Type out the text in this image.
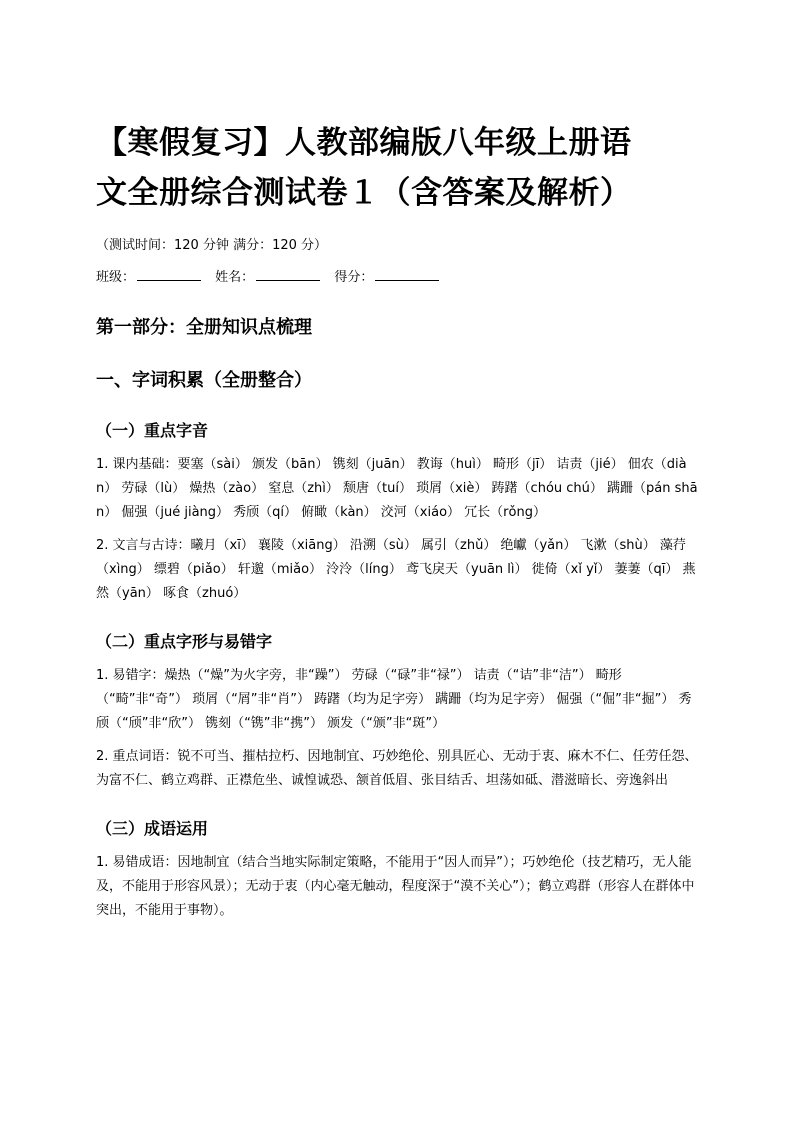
【寒假复习】人教部编版八年级上册语
文全册综合测试卷１（含答案及解析）
（测试时间：120 分钟 满分：120 分）
班级：	姓名：	得分：
第一部分：全册知识点梳理
一、字词积累（全册整合）
（一）重点字音
1. 课内基础：要塞（sài） 颁发（bān） 镌刻（juān） 教诲（huì） 畸形（jī） 诘责（jié） 佃农（diàn） 劳碌（lù） 燥热（zào） 窒息（zhì） 颓唐（tuí） 琐屑（xiè） 踌躇（chóu chú） 蹒跚（pán shān） 倔强（jué jiàng） 秀颀（qí） 俯瞰（kàn） 洨河（xiáo） 冗长（rǒng）
2. 文言与古诗：曦月（xī） 襄陵（xiāng） 沿溯（sù） 属引（zhǔ） 绝巘（yǎn） 飞漱（shù） 藻荇（xìng） 缥碧（piǎo） 轩邈（miǎo） 泠泠（líng） 鸢飞戾天（yuān lì） 徙倚（xǐ yǐ） 萋萋（qī） 燕然（yān） 啄食（zhuó）
（二）重点字形与易错字
1. 易错字：燥热（“燥”为火字旁，非“躁”） 劳碌（“碌”非“禄”） 诘责（“诘”非“洁”） 畸形（“畸”非“奇”） 琐屑（“屑”非“肖”） 踌躇（均为足字旁） 蹒跚（均为足字旁） 倔强（“倔”非“掘”） 秀颀（“颀”非“欣”） 镌刻（“镌”非“携”） 颁发（“颁”非“斑”）
2. 重点词语：锐不可当、摧枯拉朽、因地制宜、巧妙绝伦、别具匠心、无动于衷、麻木不仁、任劳任怨、为富不仁、鹤立鸡群、正襟危坐、诚惶诚恐、颔首低眉、张目结舌、坦荡如砥、潜滋暗长、旁逸斜出
（三）成语运用
1. 易错成语：因地制宜（结合当地实际制定策略，不能用于“因人而异”）；巧妙绝伦（技艺精巧，无人能及，不能用于形容风景）；无动于衷（内心毫无触动，程度深于“漠不关心”）；鹤立鸡群（形容人在群体中突出，不能用于事物）。
